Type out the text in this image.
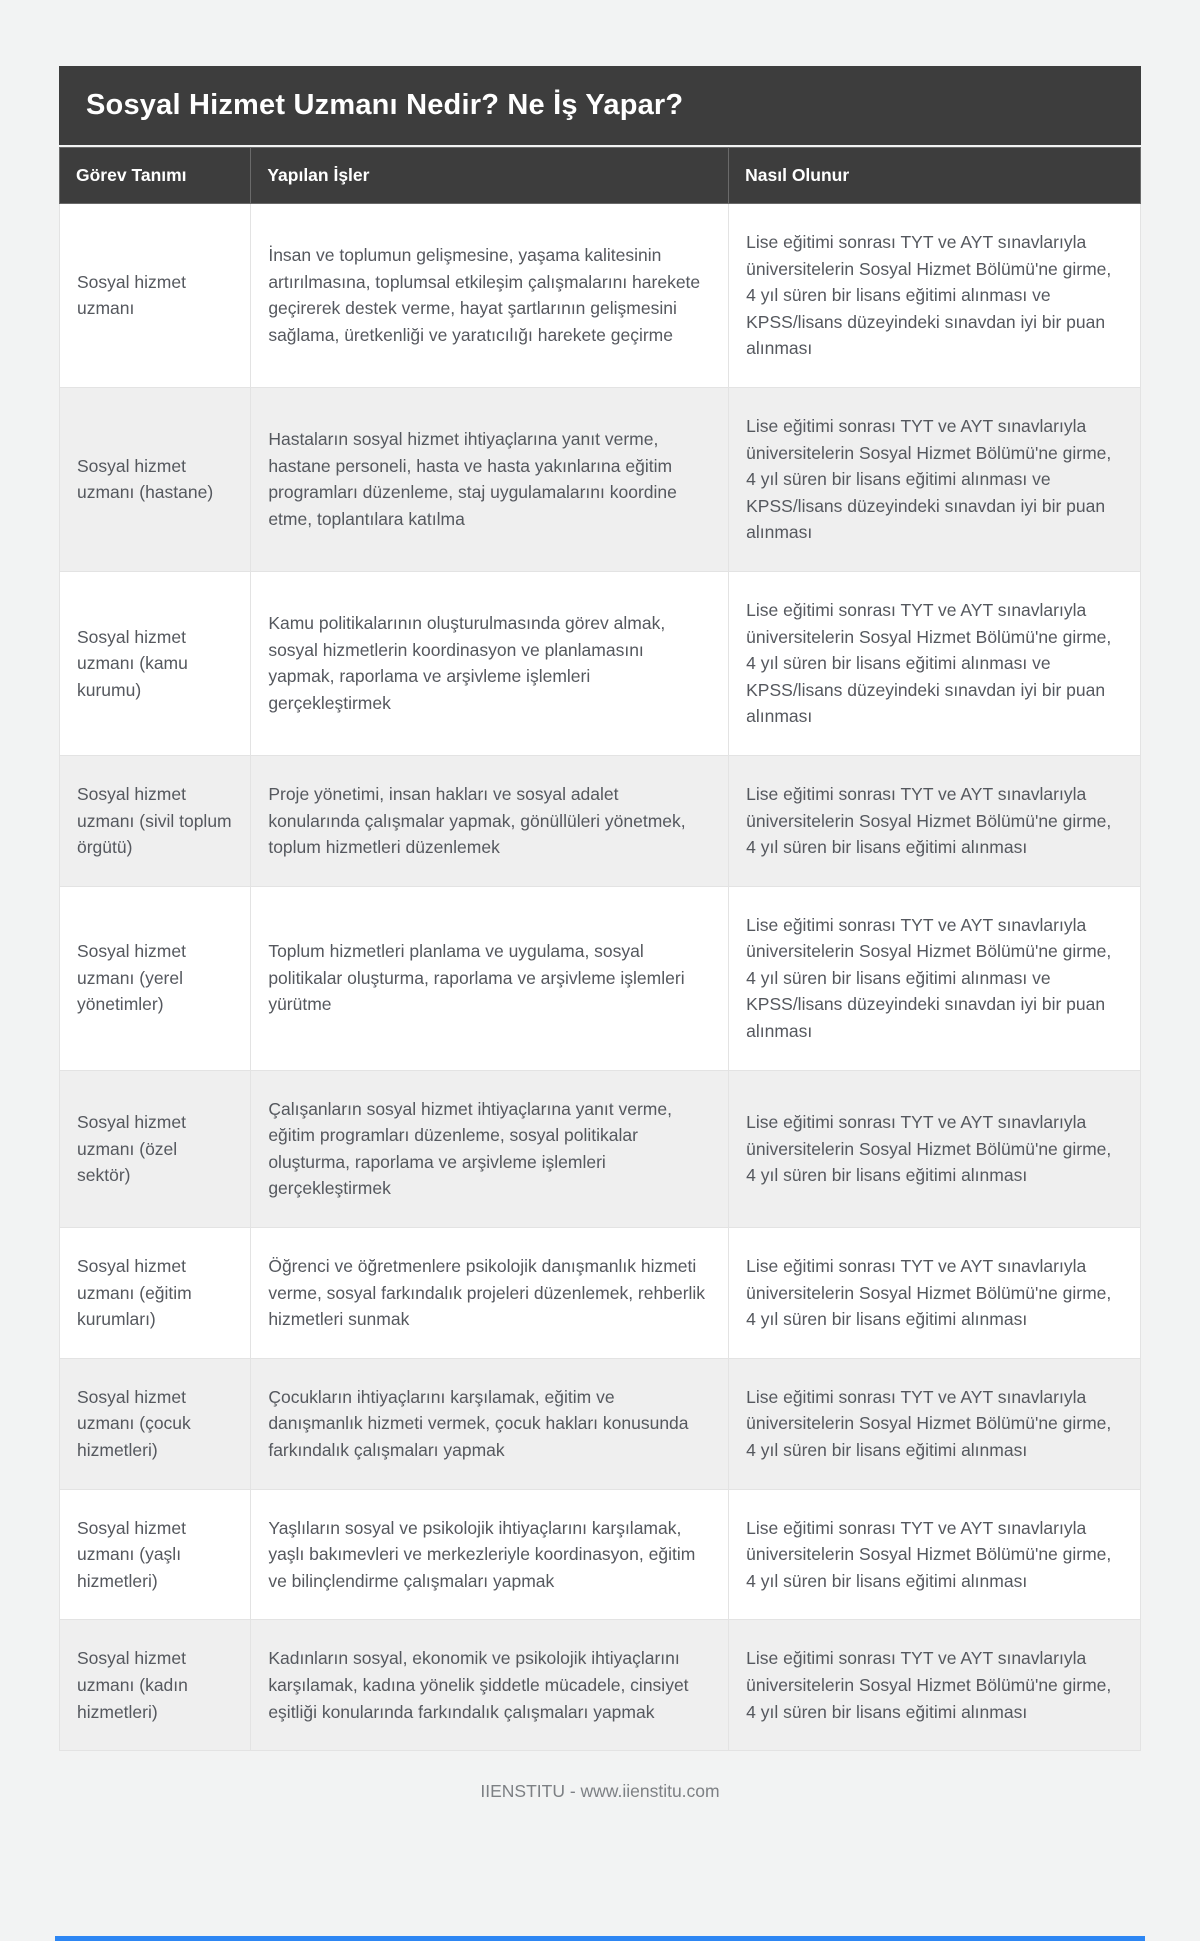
Sosyal Hizmet Uzmanı Nedir? Ne İş Yapar?
Görev Tanımı	Yapılan İşler	Nasıl Olunur
Sosyal hizmet uzmanı	İnsan ve toplumun gelişmesine, yaşama kalitesinin artırılmasına, toplumsal etkileşim çalışmalarını harekete geçirerek destek verme, hayat şartlarının gelişmesini sağlama, üretkenliği ve yaratıcılığı harekete geçirme	Lise eğitimi sonrası TYT ve AYT sınavlarıyla üniversitelerin Sosyal Hizmet Bölümü'ne girme, 4 yıl süren bir lisans eğitimi alınması ve KPSS/lisans düzeyindeki sınavdan iyi bir puan alınması
Sosyal hizmet uzmanı (hastane)	Hastaların sosyal hizmet ihtiyaçlarına yanıt verme, hastane personeli, hasta ve hasta yakınlarına eğitim programları düzenleme, staj uygulamalarını koordine etme, toplantılara katılma	Lise eğitimi sonrası TYT ve AYT sınavlarıyla üniversitelerin Sosyal Hizmet Bölümü'ne girme, 4 yıl süren bir lisans eğitimi alınması ve KPSS/lisans düzeyindeki sınavdan iyi bir puan alınması
Sosyal hizmet uzmanı (kamu kurumu)	Kamu politikalarının oluşturulmasında görev almak, sosyal hizmetlerin koordinasyon ve planlamasını yapmak, raporlama ve arşivleme işlemleri gerçekleştirmek	Lise eğitimi sonrası TYT ve AYT sınavlarıyla üniversitelerin Sosyal Hizmet Bölümü'ne girme, 4 yıl süren bir lisans eğitimi alınması ve KPSS/lisans düzeyindeki sınavdan iyi bir puan alınması
Sosyal hizmet uzmanı (sivil toplum örgütü)	Proje yönetimi, insan hakları ve sosyal adalet konularında çalışmalar yapmak, gönüllüleri yönetmek, toplum hizmetleri düzenlemek	Lise eğitimi sonrası TYT ve AYT sınavlarıyla üniversitelerin Sosyal Hizmet Bölümü'ne girme, 4 yıl süren bir lisans eğitimi alınması
Sosyal hizmet uzmanı (yerel yönetimler)	Toplum hizmetleri planlama ve uygulama, sosyal politikalar oluşturma, raporlama ve arşivleme işlemleri yürütme	Lise eğitimi sonrası TYT ve AYT sınavlarıyla üniversitelerin Sosyal Hizmet Bölümü'ne girme, 4 yıl süren bir lisans eğitimi alınması ve KPSS/lisans düzeyindeki sınavdan iyi bir puan alınması
Sosyal hizmet uzmanı (özel sektör)	Çalışanların sosyal hizmet ihtiyaçlarına yanıt verme, eğitim programları düzenleme, sosyal politikalar oluşturma, raporlama ve arşivleme işlemleri gerçekleştirmek	Lise eğitimi sonrası TYT ve AYT sınavlarıyla üniversitelerin Sosyal Hizmet Bölümü'ne girme, 4 yıl süren bir lisans eğitimi alınması
Sosyal hizmet uzmanı (eğitim kurumları)	Öğrenci ve öğretmenlere psikolojik danışmanlık hizmeti verme, sosyal farkındalık projeleri düzenlemek, rehberlik hizmetleri sunmak	Lise eğitimi sonrası TYT ve AYT sınavlarıyla üniversitelerin Sosyal Hizmet Bölümü'ne girme, 4 yıl süren bir lisans eğitimi alınması
Sosyal hizmet uzmanı (çocuk hizmetleri)	Çocukların ihtiyaçlarını karşılamak, eğitim ve danışmanlık hizmeti vermek, çocuk hakları konusunda farkındalık çalışmaları yapmak	Lise eğitimi sonrası TYT ve AYT sınavlarıyla üniversitelerin Sosyal Hizmet Bölümü'ne girme, 4 yıl süren bir lisans eğitimi alınması
Sosyal hizmet uzmanı (yaşlı hizmetleri)	Yaşlıların sosyal ve psikolojik ihtiyaçlarını karşılamak, yaşlı bakımevleri ve merkezleriyle koordinasyon, eğitim ve bilinçlendirme çalışmaları yapmak	Lise eğitimi sonrası TYT ve AYT sınavlarıyla üniversitelerin Sosyal Hizmet Bölümü'ne girme, 4 yıl süren bir lisans eğitimi alınması
Sosyal hizmet uzmanı (kadın hizmetleri)	Kadınların sosyal, ekonomik ve psikolojik ihtiyaçlarını karşılamak, kadına yönelik şiddetle mücadele, cinsiyet eşitliği konularında farkındalık çalışmaları yapmak	Lise eğitimi sonrası TYT ve AYT sınavlarıyla üniversitelerin Sosyal Hizmet Bölümü'ne girme, 4 yıl süren bir lisans eğitimi alınması
IIENSTITU - www.iienstitu.com
